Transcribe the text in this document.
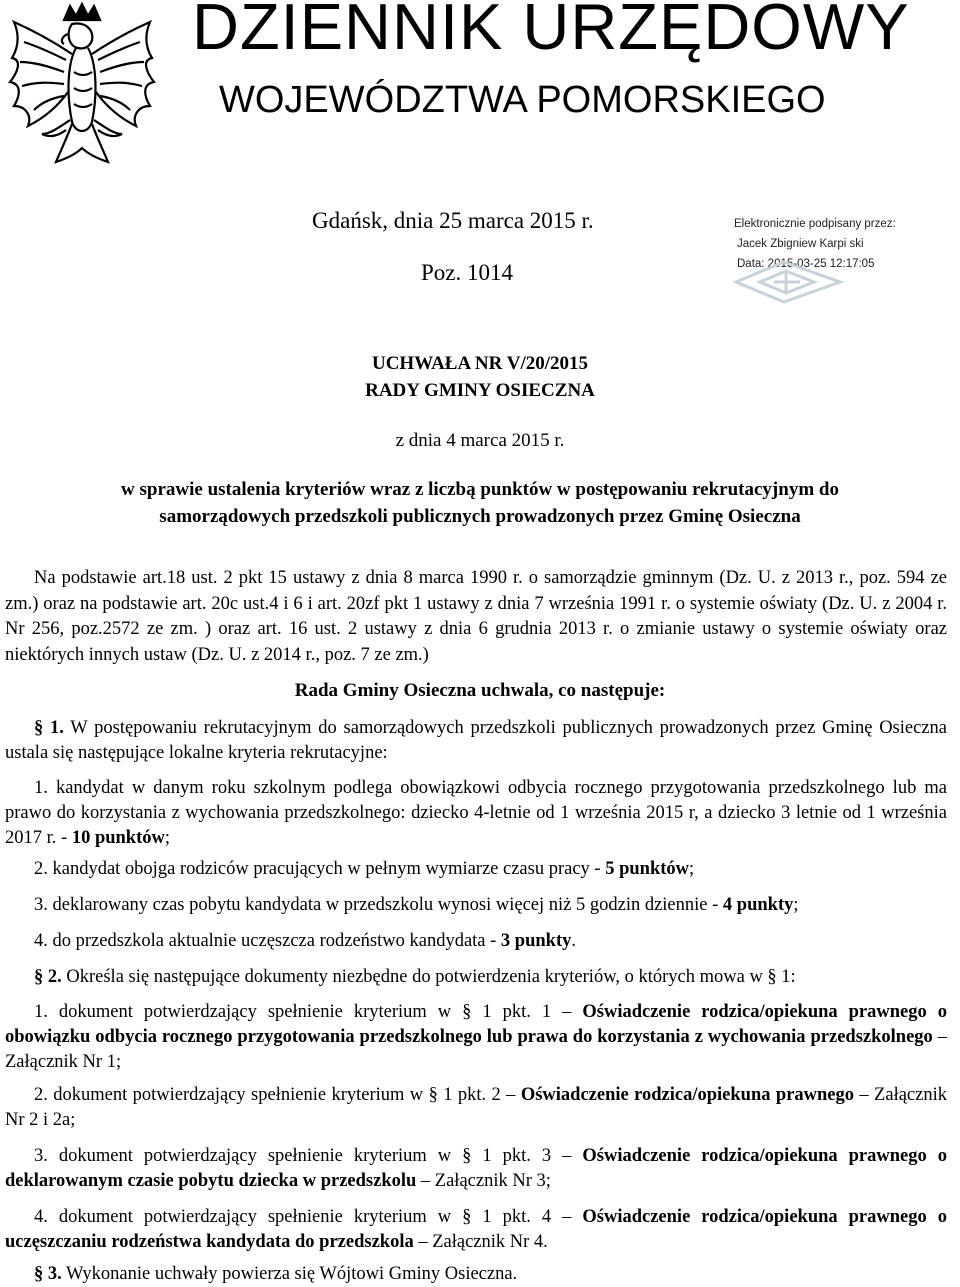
DZIENNIK URZĘDOWY
WOJEWÓDZTWA POMORSKIEGO
Gdańsk, dnia 25 marca 2015 r.
Poz. 1014
Elektronicznie podpisany przez:
Jacek Zbigniew Karpi ski
Data: 2015-03-25 12:17:05
UCHWAŁA NR V/20/2015
RADY GMINY OSIECZNA
z dnia 4 marca 2015 r.
w sprawie ustalenia kryteriów wraz z liczbą punktów w postępowaniu rekrutacyjnym do
samorządowych przedszkoli publicznych prowadzonych przez Gminę Osieczna
Na podstawie art.18 ust. 2 pkt 15 ustawy z dnia 8 marca 1990 r. o samorządzie gminnym (Dz. U. z 2013 r., poz. 594 ze zm.) oraz na podstawie art. 20c ust.4 i 6 i art. 20zf pkt 1 ustawy z dnia 7 września 1991 r. o systemie oświaty (Dz. U. z 2004 r. Nr 256, poz.2572 ze zm. ) oraz art. 16 ust. 2 ustawy z dnia 6 grudnia 2013 r. o zmianie ustawy o systemie oświaty oraz niektórych innych ustaw (Dz. U. z 2014 r., poz. 7 ze zm.)
Rada Gminy Osieczna uchwala, co następuje:
§ 1. W postępowaniu rekrutacyjnym do samorządowych przedszkoli publicznych prowadzonych przez Gminę Osieczna ustala się następujące lokalne kryteria rekrutacyjne:
1. kandydat w danym roku szkolnym podlega obowiązkowi odbycia rocznego przygotowania przedszkolnego lub ma prawo do korzystania z wychowania przedszkolnego: dziecko 4-letnie od 1 września 2015 r, a dziecko 3 letnie od 1 września 2017 r. - 10 punktów;
2. kandydat obojga rodziców pracujących w pełnym wymiarze czasu pracy - 5 punktów;
3. deklarowany czas pobytu kandydata w przedszkolu wynosi więcej niż 5 godzin dziennie - 4 punkty;
4. do przedszkola aktualnie uczęszcza rodzeństwo kandydata - 3 punkty.
§ 2. Określa się następujące dokumenty niezbędne do potwierdzenia kryteriów, o których mowa w § 1:
1. dokument potwierdzający spełnienie kryterium w § 1 pkt. 1 – Oświadczenie rodzica/opiekuna prawnego o obowiązku odbycia rocznego przygotowania przedszkolnego lub prawa do korzystania z wychowania przedszkolnego – Załącznik Nr 1;
2. dokument potwierdzający spełnienie kryterium w § 1 pkt. 2 – Oświadczenie rodzica/opiekuna prawnego – Załącznik Nr 2 i 2a;
3. dokument potwierdzający spełnienie kryterium w § 1 pkt. 3 – Oświadczenie rodzica/opiekuna prawnego o deklarowanym czasie pobytu dziecka w przedszkolu – Załącznik Nr 3;
4. dokument potwierdzający spełnienie kryterium w § 1 pkt. 4 – Oświadczenie rodzica/opiekuna prawnego o uczęszczaniu rodzeństwa kandydata do przedszkola – Załącznik Nr 4.
§ 3. Wykonanie uchwały powierza się Wójtowi Gminy Osieczna.
